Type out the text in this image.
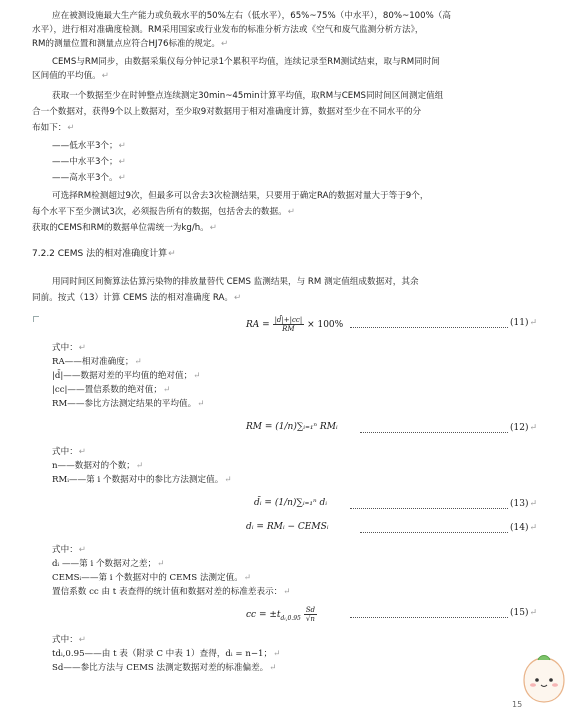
应在被测设施最大生产能力或负载水平的50%左右（低水平），65%~75%（中水平），80%~100%（高
水平），进行相对准确度检测。RM采用国家或行业发布的标准分析方法或《空气和废气监测分析方法》，
RM的测量位置和测量点应符合HJ76标准的规定。↵
CEMS与RM同步，由数据采集仪每分钟记录1个累积平均值，连续记录至RM测试结束，取与RM同时间
区间值的平均值。↵
获取一个数据至少在时钟整点连续测定30min~45min计算平均值，取RM与CEMS同时间区间测定值组
合一个数据对，获得9个以上数据对，至少取9对数据用于相对准确度计算，数据对至少在不同水平的分
布如下：↵
——低水平3个；↵
——中水平3个；↵
——高水平3个。↵
可选择RM检测超过9次，但最多可以舍去3次检测结果，只要用于确定RA的数据对量大于等于9个，
每个水平下至少测试3次，必须报告所有的数据，包括舍去的数据。↵
获取的CEMS和RM的数据单位需统一为kg/h。↵
7.2.2 CEMS 法的相对准确度计算↵
用同时间区间衡算法估算污染物的排放量替代 CEMS 监测结果，与 RM 测定值组成数据对，其余
同前。按式（13）计算 CEMS 法的相对准确度 RA。↵
RA = $\frac{|d̄|+|cc|}{RM} \times 100\%$	(11)↵
式中：↵
RA——相对准确度；↵
|d̄|——数据对差的平均值的绝对值；↵
|cc|——置信系数的绝对值；↵
RM——参比方法测定结果的平均值。↵
RM = (1/n)∑ᵢ₌₁ⁿ RMᵢ	(12)↵
式中：↵
n——数据对的个数；↵
RMᵢ——第 i 个数据对中的参比方法测定值。↵
d̄ᵢ = (1/n)∑ᵢ₌₁ⁿ dᵢ	(13)↵
dᵢ = RMᵢ − CEMSᵢ	(14)↵
式中：↵
dᵢ ——第 i 个数据对之差；↵
CEMSᵢ——第 i 个数据对中的 CEMS 法测定值。↵
置信系数 cc 由 t 表查得的统计值和数据对差的标准差表示：↵
cc = $\pm t_{dᵢ,0.95} \frac{Sd}{√n}$	(15)↵
式中：↵
tdᵢ,0.95——由 t 表（附录 C 中表 1）查得，dᵢ = n−1；↵
Sd——参比方法与 CEMS 法测定数据对差的标准偏差。↵
15
